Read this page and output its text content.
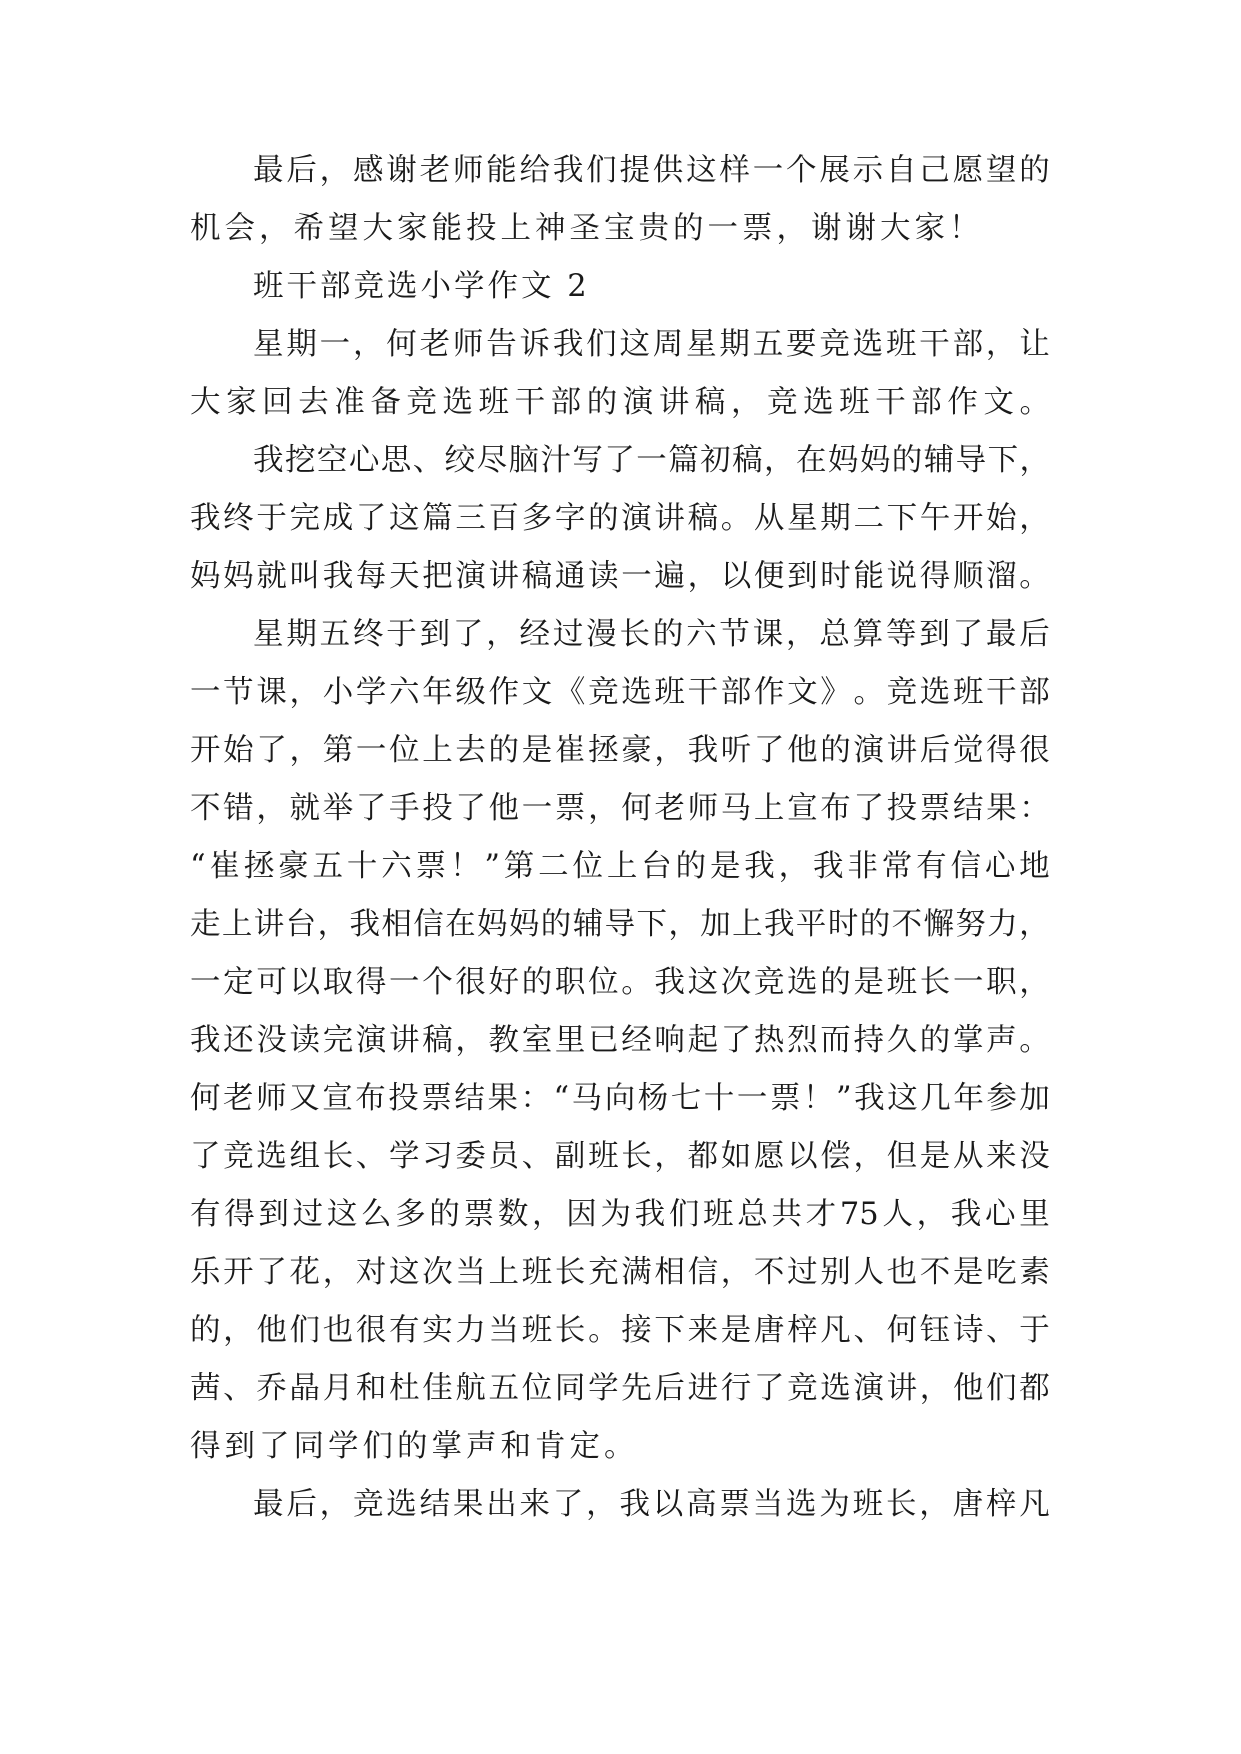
最 后 ， 感 谢 老 师 能 给 我 们 提 供 这 样 一 个 展 示 自 己 愿 望 的
机会，希望大家能投上神圣宝贵的一票，谢谢大家！
班干部竞选小学作文 2
星 期 一 ， 何 老 师 告 诉 我 们 这 周 星 期 五 要 竞 选 班 干 部 ， 让
大 家 回 去 准 备 竞 选 班 干 部 的 演 讲 稿 ， 竞 选 班 干 部 作 文 。
我 挖 空 心 思 、 绞 尽 脑 汁 写 了 一 篇 初 稿 ， 在 妈 妈 的 辅 导 下 ，
我 终 于 完 成 了 这 篇 三 百 多 字 的 演 讲 稿 。 从 星 期 二 下 午 开 始 ，
妈 妈 就 叫 我 每 天 把 演 讲 稿 通 读 一 遍 ， 以 便 到 时 能 说 得 顺 溜 。
星 期 五 终 于 到 了 ， 经 过 漫 长 的 六 节 课 ， 总 算 等 到 了 最 后
一 节 课 ， 小 学 六 年 级 作 文 《 竞 选 班 干 部 作 文 》 。 竞 选 班 干 部
开 始 了 ， 第 一 位 上 去 的 是 崔 拯 豪 ， 我 听 了 他 的 演 讲 后 觉 得 很
不 错 ， 就 举 了 手 投 了 他 一 票 ， 何 老 师 马 上 宣 布 了 投 票 结 果 ：
“ 崔 拯 豪 五 十 六 票 ！ ” 第 二 位 上 台 的 是 我 ， 我 非 常 有 信 心 地
走 上 讲 台 ， 我 相 信 在 妈 妈 的 辅 导 下 ， 加 上 我 平 时 的 不 懈 努 力 ，
一 定 可 以 取 得 一 个 很 好 的 职 位 。 我 这 次 竞 选 的 是 班 长 一 职 ，
我 还 没 读 完 演 讲 稿 ， 教 室 里 已 经 响 起 了 热 烈 而 持 久 的 掌 声 。
何 老 师 又 宣 布 投 票 结 果 ： “ 马 向 杨 七 十 一 票 ！ ” 我 这 几 年 参 加
了 竞 选 组 长 、 学 习 委 员 、 副 班 长 ， 都 如 愿 以 偿 ， 但 是 从 来 没
有 得 到 过 这 么 多 的 票 数 ， 因 为 我 们 班 总 共 才 75 人 ， 我 心 里
乐 开 了 花 ， 对 这 次 当 上 班 长 充 满 相 信 ， 不 过 别 人 也 不 是 吃 素
的 ， 他 们 也 很 有 实 力 当 班 长 。 接 下 来 是 唐 梓 凡 、 何 钰 诗 、 于
茜 、 乔 晶 月 和 杜 佳 航 五 位 同 学 先 后 进 行 了 竞 选 演 讲 ， 他 们 都
得到了同学们的掌声和肯定。
最 后 ， 竞 选 结 果 出 来 了 ， 我 以 高 票 当 选 为 班 长 ， 唐 梓 凡
